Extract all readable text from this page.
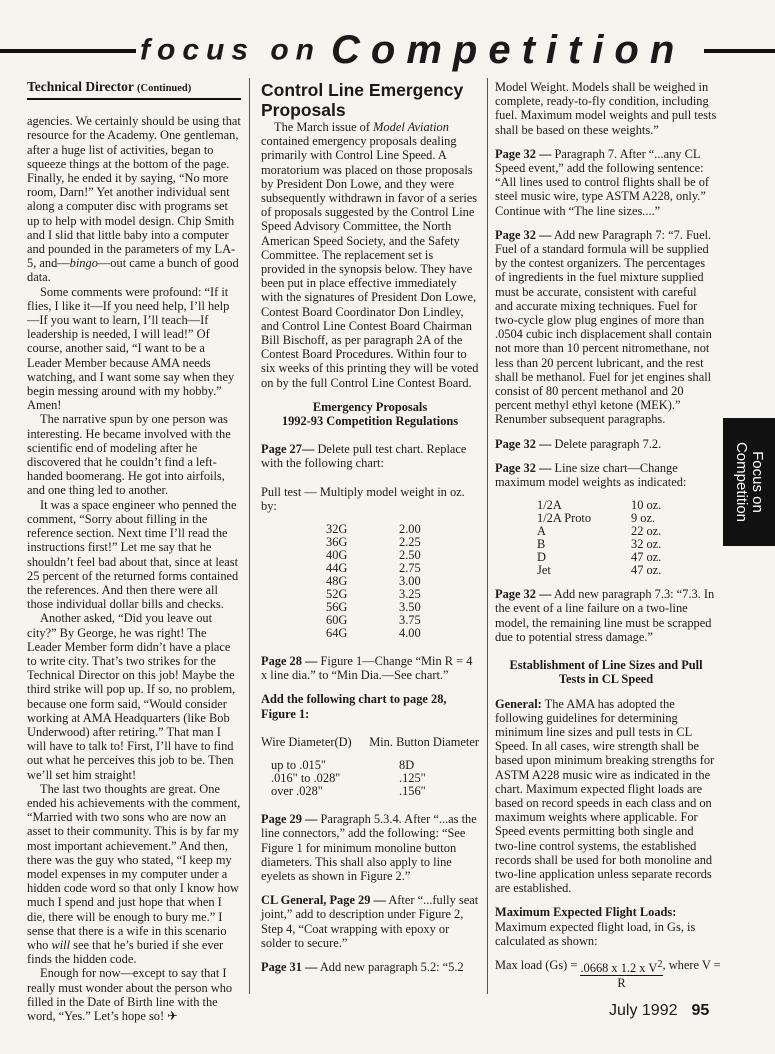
focus on Competition

Technical Director (Continued)

agencies. We certainly should be using that resource for the Academy. One gentleman, after a huge list of activities, began to squeeze things at the bottom of the page. Finally, he ended it by saying, “No more room, Darn!” Yet another individual sent along a computer disc with programs set up to help with model design. Chip Smith and I slid that little baby into a computer and pounded in the parameters of my LA-5, and—bingo—out came a bunch of good data.

Some comments were profound: “If it flies, I like it—If you need help, I’ll help—If you want to learn, I’ll teach—If leadership is needed, I will lead!” Of course, another said, “I want to be a Leader Member because AMA needs watching, and I want some say when they begin messing around with my hobby.” Amen!

The narrative spun by one person was interesting. He became involved with the scientific end of modeling after he discovered that he couldn’t find a left-handed boomerang. He got into airfoils, and one thing led to another.

It was a space engineer who penned the comment, “Sorry about filling in the reference section. Next time I’ll read the instructions first!” Let me say that he shouldn’t feel bad about that, since at least 25 percent of the returned forms contained the references. And then there were all those individual dollar bills and checks.

Another asked, “Did you leave out city?” By George, he was right! The Leader Member form didn’t have a place to write city. That’s two strikes for the Technical Director on this job! Maybe the third strike will pop up. If so, no problem, because one form said, “Would consider working at AMA Headquarters (like Bob Underwood) after retiring.” That man I will have to talk to! First, I’ll have to find out what he perceives this job to be. Then we’ll set him straight!

The last two thoughts are great. One ended his achievements with the comment, “Married with two sons who are now an asset to their community. This is by far my most important achievement.” And then, there was the guy who stated, “I keep my model expenses in my computer under a hidden code word so that only I know how much I spend and just hope that when I die, there will be enough to bury me.” I sense that there is a wife in this scenario who will see that he’s buried if she ever finds the hidden code.

Enough for now—except to say that I really must wonder about the person who filled in the Date of Birth line with the word, “Yes.” Let’s hope so! ✈

Control Line Emergency Proposals

The March issue of Model Aviation contained emergency proposals dealing primarily with Control Line Speed. A moratorium was placed on those proposals by President Don Lowe, and they were subsequently withdrawn in favor of a series of proposals suggested by the Control Line Speed Advisory Committee, the North American Speed Society, and the Safety Committee. The replacement set is provided in the synopsis below. They have been put in place effective immediately with the signatures of President Don Lowe, Contest Board Coordinator Don Lindley, and Control Line Contest Board Chairman Bill Bischoff, as per paragraph 2A of the Contest Board Procedures. Within four to six weeks of this printing they will be voted on by the full Control Line Contest Board.

Emergency Proposals

1992-93 Competition Regulations

Page 27— Delete pull test chart. Replace with the following chart:

Pull test — Multiply model weight in oz. by:

32G	2.00
36G	2.25
40G	2.50
44G	2.75
48G	3.00
52G	3.25
56G	3.50
60G	3.75
64G	4.00

Page 28 — Figure 1—Change “Min R = 4 x line dia.” to “Min Dia.—See chart.”

Add the following chart to page 28, Figure 1:

Wire Diameter(D) Min. Button Diameter

up to .015"	8D
.016" to .028"	.125"
over .028"	.156"

Page 29 — Paragraph 5.3.4. After “...as the line connectors,” add the following: “See Figure 1 for minimum monoline button diameters. This shall also apply to line eyelets as shown in Figure 2.”

CL General, Page 29 — After “...fully seat joint,” add to description under Figure 2, Step 4, “Coat wrapping with epoxy or solder to secure.”

Page 31 — Add new paragraph 5.2: “5.2

Model Weight. Models shall be weighed in complete, ready-to-fly condition, including fuel. Maximum model weights and pull tests shall be based on these weights.”

Page 32 — Paragraph 7. After “...any CL Speed event,” add the following sentence: “All lines used to control flights shall be of steel music wire, type ASTM A228, only.” Continue with “The line sizes....”

Page 32 — Add new Paragraph 7: “7. Fuel. Fuel of a standard formula will be supplied by the contest organizers. The percentages of ingredients in the fuel mixture supplied must be accurate, consistent with careful and accurate mixing techniques. Fuel for two-cycle glow plug engines of more than .0504 cubic inch displacement shall contain not more than 10 percent nitromethane, not less than 20 percent lubricant, and the rest shall be methanol. Fuel for jet engines shall consist of 80 percent methanol and 20 percent methyl ethyl ketone (MEK).” Renumber subsequent paragraphs.

Page 32 — Delete paragraph 7.2.

Page 32 — Line size chart—Change maximum model weights as indicated:

1/2A	10 oz.
1/2A Proto	9 oz.
A	22 oz.
B	32 oz.
D	47 oz.
Jet	47 oz.

Page 32 — Add new paragraph 7.3: “7.3. In the event of a line failure on a two-line model, the remaining line must be scrapped due to potential stress damage.”

Establishment of Line Sizes and Pull Tests in CL Speed

General: The AMA has adopted the following guidelines for determining minimum line sizes and pull tests in CL Speed. In all cases, wire strength shall be based upon minimum breaking strengths for ASTM A228 music wire as indicated in the chart. Maximum expected flight loads are based on record speeds in each class and on maximum weights where applicable. For Speed events permitting both single and two-line control systems, the established records shall be used for both monoline and two-line application unless separate records are established.

Maximum Expected Flight Loads:

Maximum expected flight load, in Gs, is calculated as shown:

Max load $(Gs) = \frac{.0668 x 1.2 x V^2}{R}$ , where V =
Focus on
Competition
July 1992 95
